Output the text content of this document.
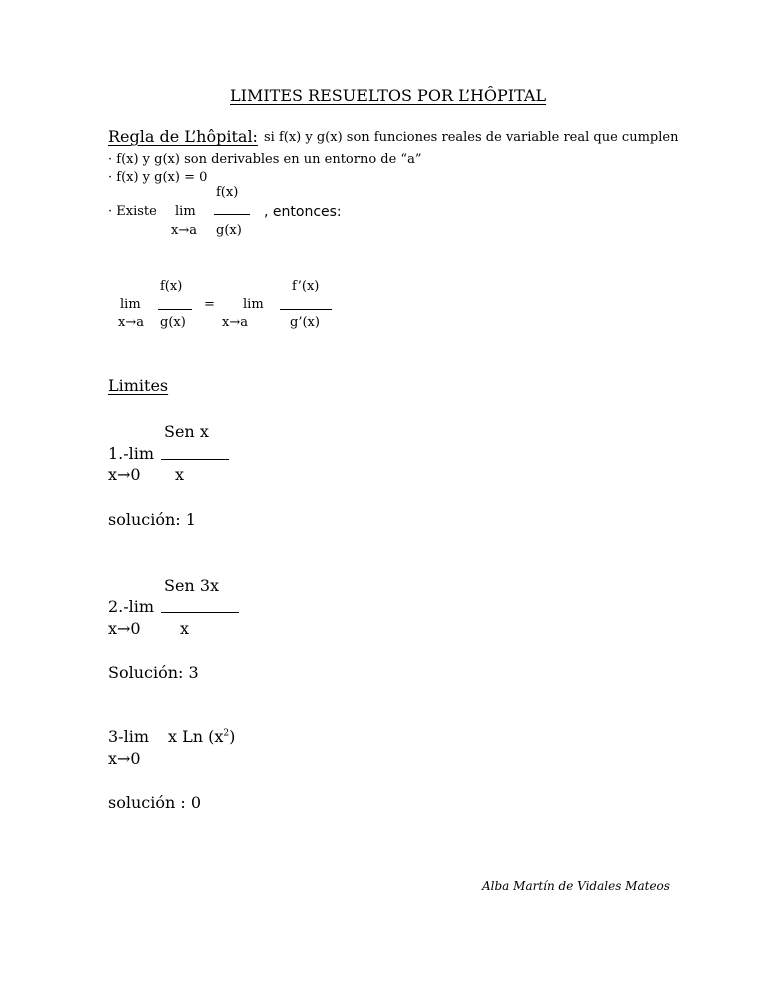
LIMITES RESUELTOS POR L’HÔPITAL
Regla de L’hôpital: si f(x) y g(x) son funciones reales de variable real que cumplen
· f(x) y g(x) son derivables en un entorno de “a”
· f(x) y g(x) = 0
f(x)
· Existe lim	, entonces:
x→a g(x)
f(x)	f’(x)
lim	= lim
x→a g(x)	x→a	g’(x)
Limites
Sen x
1.-lim
x→0 x
solución: 1
Sen 3x
2.-lim
x→0 x
Solución: 3
3-lim x Ln $(x^2)$
x→0
solución : 0
Alba Martín de Vidales Mateos
